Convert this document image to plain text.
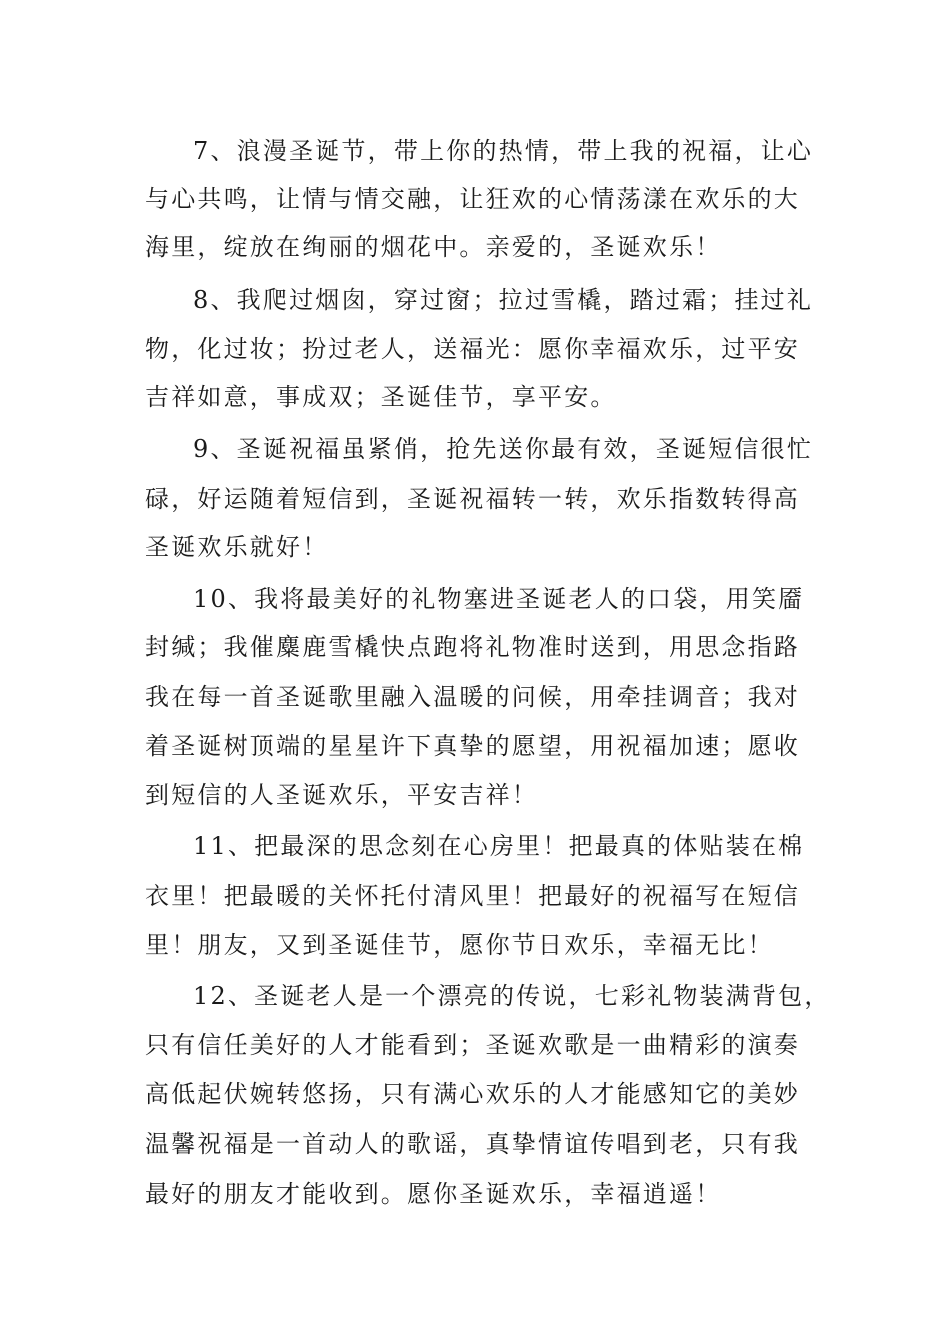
7、浪漫圣诞节，带上你的热情，带上我的祝福，让心
与心共鸣，让情与情交融，让狂欢的心情荡漾在欢乐的大
海里，绽放在绚丽的烟花中。亲爱的，圣诞欢乐！
8、我爬过烟囱，穿过窗；拉过雪橇，踏过霜；挂过礼
物，化过妆；扮过老人，送福光：愿你幸福欢乐，过平安
吉祥如意，事成双；圣诞佳节，享平安。
9、圣诞祝福虽紧俏，抢先送你最有效，圣诞短信很忙
碌，好运随着短信到，圣诞祝福转一转，欢乐指数转得高
圣诞欢乐就好！
10、我将最美好的礼物塞进圣诞老人的口袋，用笑靥
封缄；我催麋鹿雪橇快点跑将礼物准时送到，用思念指路
我在每一首圣诞歌里融入温暖的问候，用牵挂调音；我对
着圣诞树顶端的星星许下真挚的愿望，用祝福加速；愿收
到短信的人圣诞欢乐，平安吉祥！
11、把最深的思念刻在心房里！把最真的体贴装在棉
衣里！把最暖的关怀托付清风里！把最好的祝福写在短信
里！朋友，又到圣诞佳节，愿你节日欢乐，幸福无比！
12、圣诞老人是一个漂亮的传说，七彩礼物装满背包，
只有信任美好的人才能看到；圣诞欢歌是一曲精彩的演奏
高低起伏婉转悠扬，只有满心欢乐的人才能感知它的美妙
温馨祝福是一首动人的歌谣，真挚情谊传唱到老，只有我
最好的朋友才能收到。愿你圣诞欢乐，幸福逍遥！
